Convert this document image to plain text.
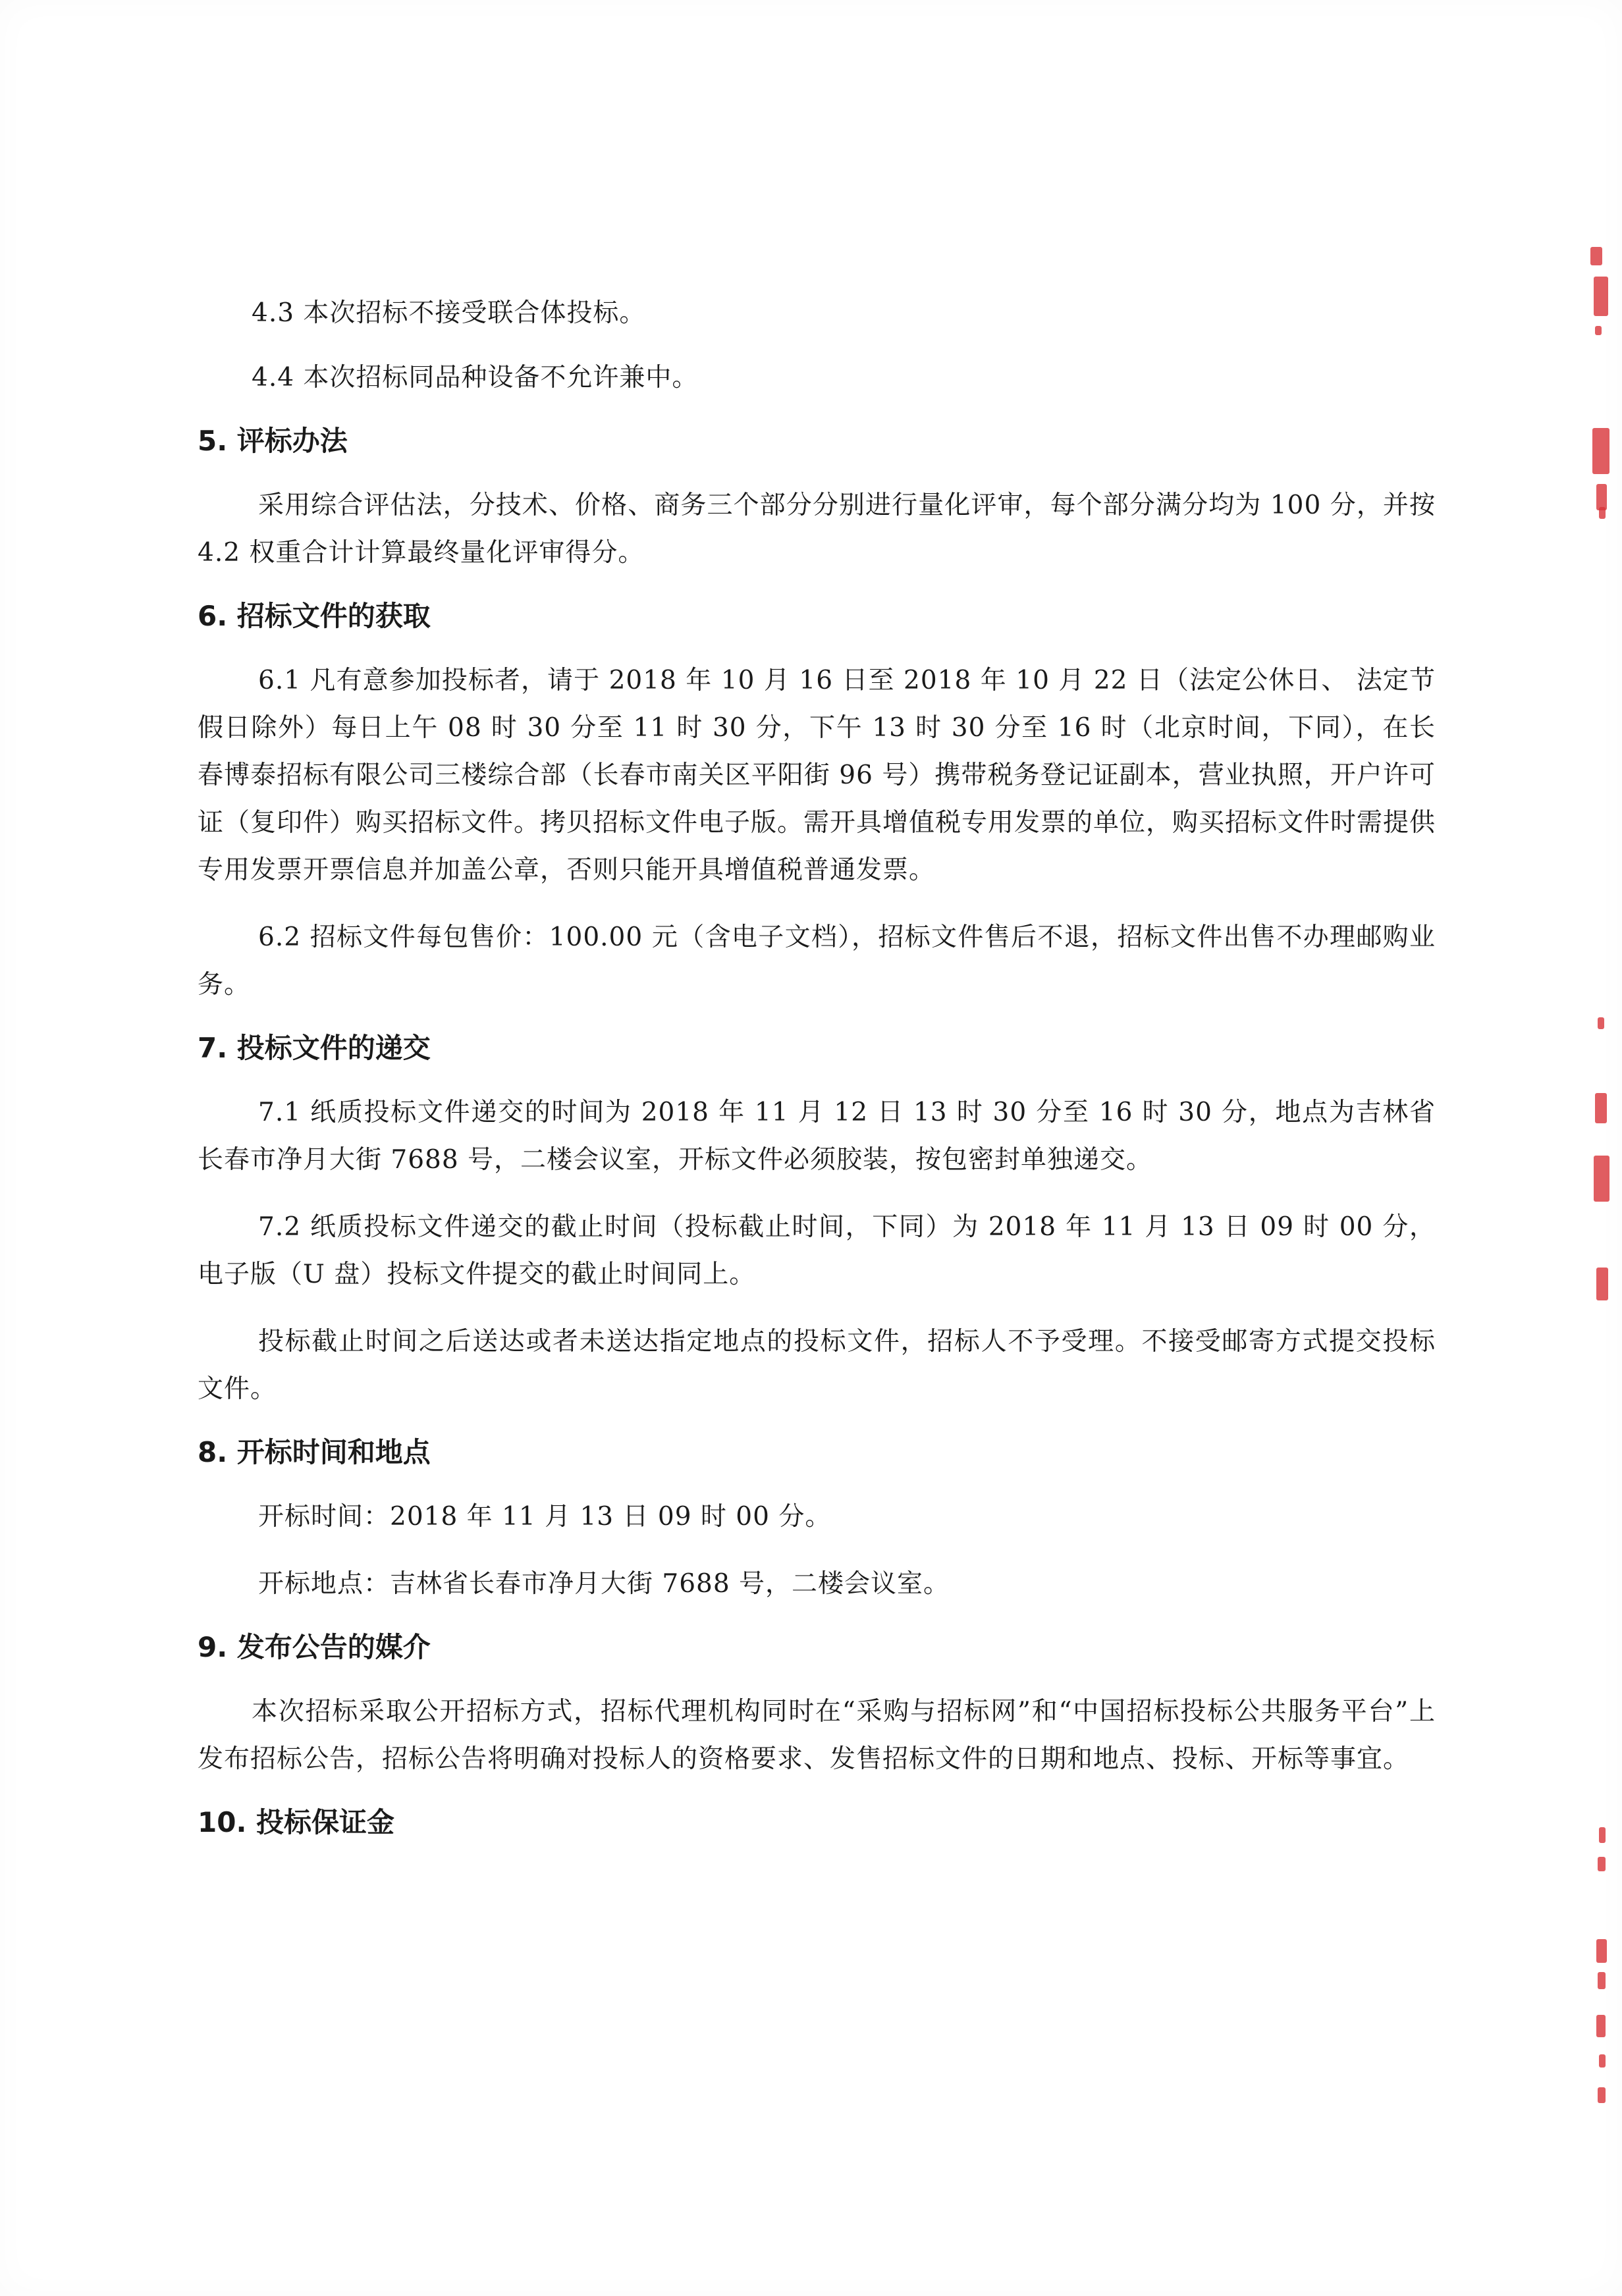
4.3 本次招标不接受联合体投标。

4.4 本次招标同品种设备不允许兼中。

5. 评标办法

采用综合评估法，分技术、价格、商务三个部分分别进行量化评审，每个部分满分均为 100 分，并按 4.2 权重合计计算最终量化评审得分。

6. 招标文件的获取

6.1 凡有意参加投标者，请于 2018 年 10 月 16 日至 2018 年 10 月 22 日（法定公休日、 法定节假日除外）每日上午 08 时 30 分至 11 时 30 分，下午 13 时 30 分至 16 时（北京时间，下同），在长春博泰招标有限公司三楼综合部（长春市南关区平阳街 96 号）携带税务登记证副本，营业执照，开户许可证（复印件）购买招标文件。拷贝招标文件电子版。需开具增值税专用发票的单位，购买招标文件时需提供专用发票开票信息并加盖公章，否则只能开具增值税普通发票。

6.2 招标文件每包售价：100.00 元（含电子文档），招标文件售后不退，招标文件出售不办理邮购业务。

7. 投标文件的递交

7.1 纸质投标文件递交的时间为 2018 年 11 月 12 日 13 时 30 分至 16 时 30 分，地点为吉林省长春市净月大街 7688 号，二楼会议室，开标文件必须胶装，按包密封单独递交。

7.2 纸质投标文件递交的截止时间（投标截止时间，下同）为 2018 年 11 月 13 日 09 时 00 分，电子版（U 盘）投标文件提交的截止时间同上。

投标截止时间之后送达或者未送达指定地点的投标文件，招标人不予受理。不接受邮寄方式提交投标文件。

8. 开标时间和地点

开标时间：2018 年 11 月 13 日 09 时 00 分。

开标地点：吉林省长春市净月大街 7688 号，二楼会议室。

9. 发布公告的媒介

本次招标采取公开招标方式，招标代理机构同时在“采购与招标网”和“中国招标投标公共服务平台”上发布招标公告，招标公告将明确对投标人的资格要求、发售招标文件的日期和地点、投标、开标等事宜。

10. 投标保证金
